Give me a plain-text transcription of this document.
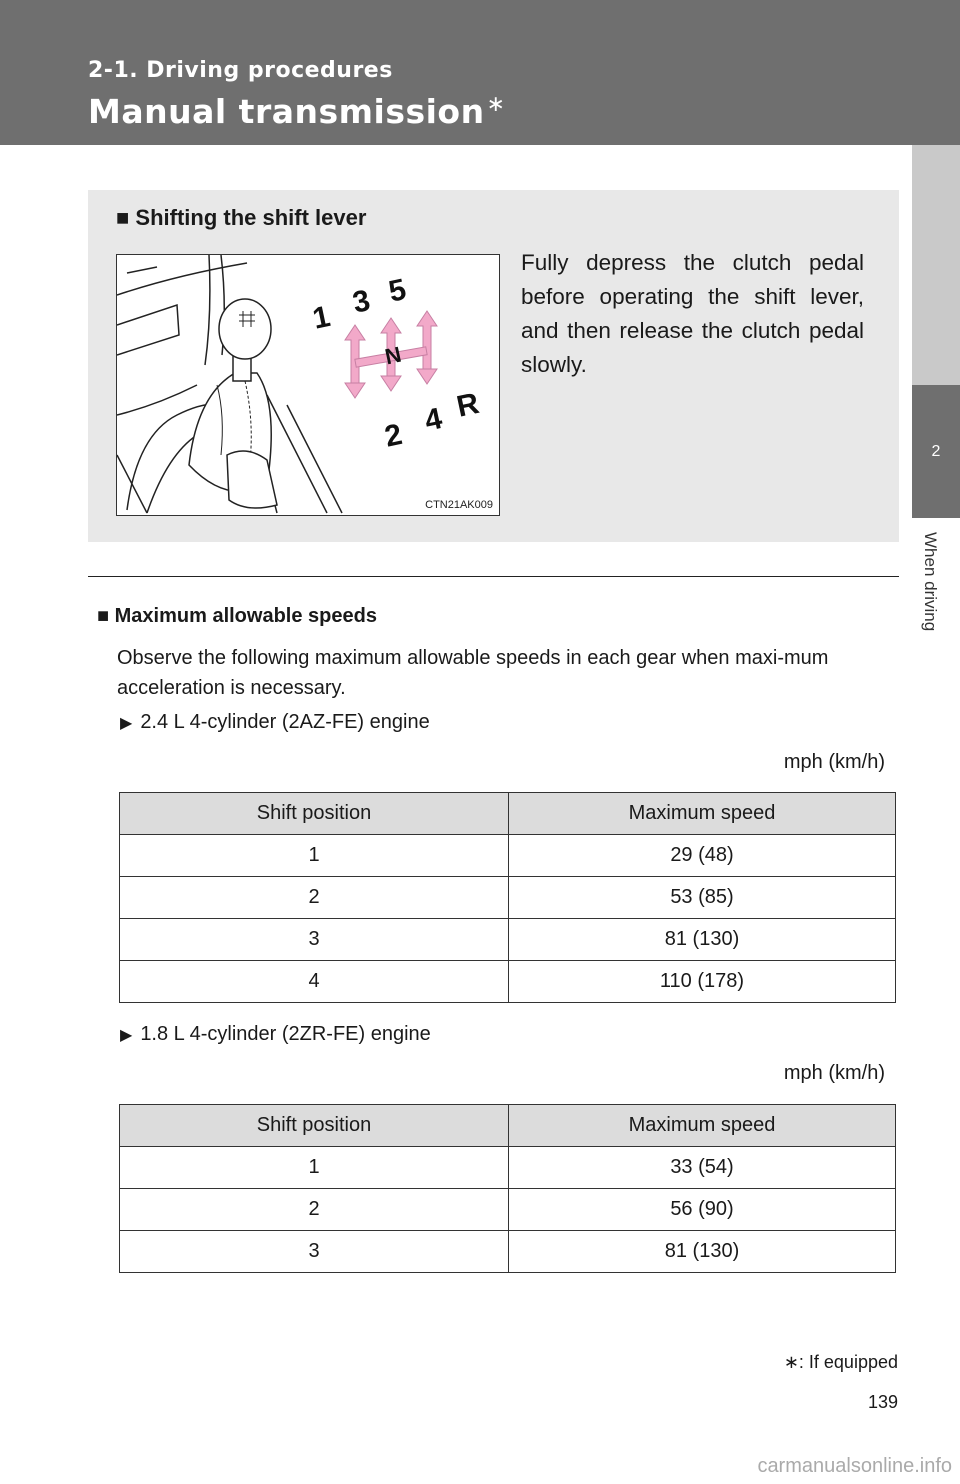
2-1. Driving procedures
Manual transmission∗
2
When driving
■ Shifting the shift lever
Fully depress the clutch pedal before operating the shift lever, and then release the clutch pedal slowly.
1 3 5
N
2 4 R
CTN21AK009
■ Maximum allowable speeds
Observe the following maximum allowable speeds in each gear when maxi-mum acceleration is necessary.
▶ 2.4 L 4-cylinder (2AZ-FE) engine
mph (km/h)
Shift position	Maximum speed
1	29 (48)
2	53 (85)
3	81 (130)
4	110 (178)
▶ 1.8 L 4-cylinder (2ZR-FE) engine
mph (km/h)
Shift position	Maximum speed
1	33 (54)
2	56 (90)
3	81 (130)
∗: If equipped
139
carmanualsonline.info
